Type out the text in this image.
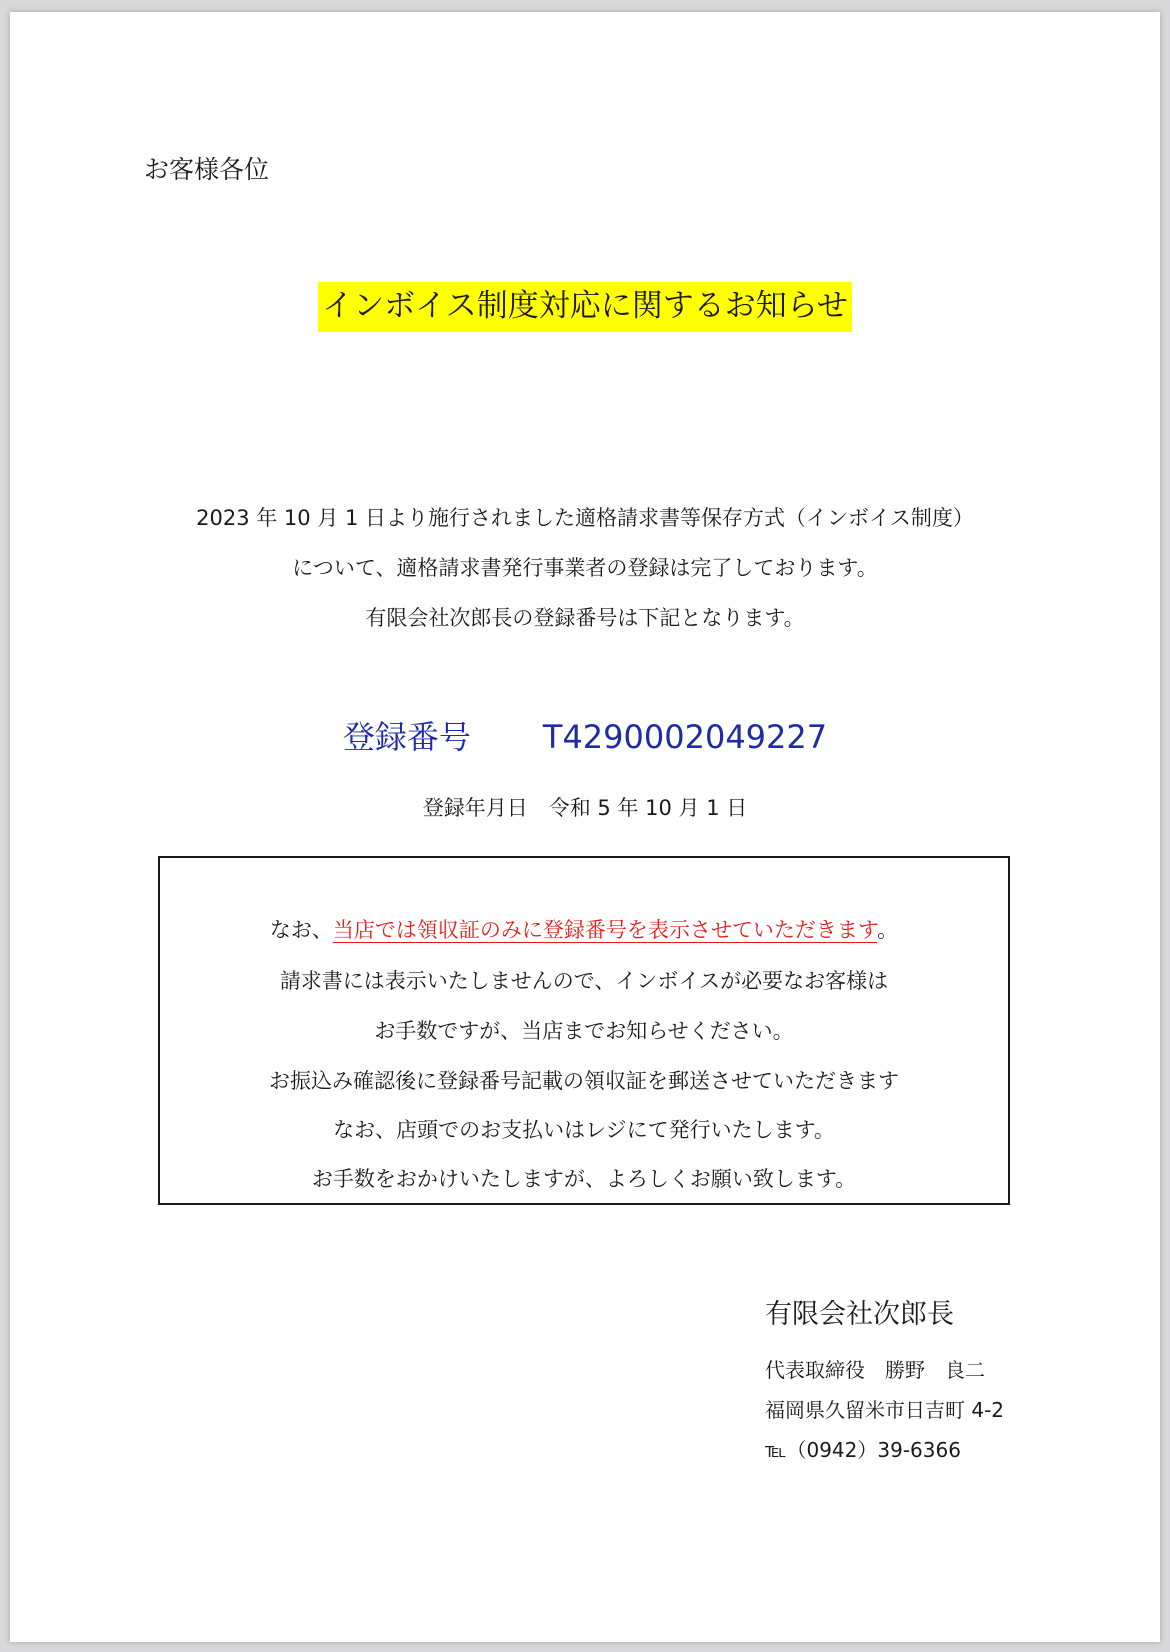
お客様各位
インボイス制度対応に関するお知らせ
2023 年 10 月 1 日より施行されました適格請求書等保存方式（インボイス制度）
について、適格請求書発行事業者の登録は完了しております。
有限会社次郎長の登録番号は下記となります。
登録番号 T4290002049227
登録年月日　 令和 5 年 10 月 1 日
なお、当店では領収証のみに登録番号を表示させていただきます。
請求書には表示いたしませんので、インボイスが必要なお客様は
お手数ですが、当店までお知らせください。
お振込み確認後に登録番号記載の領収証を郵送させていただきます
なお、店頭でのお支払いはレジにて発行いたします。
お手数をおかけいたしますが、よろしくお願い致します。
有限会社次郎長
代表取締役　勝野　良二
福岡県久留米市日吉町 4-2
℡（0942）39-6366
